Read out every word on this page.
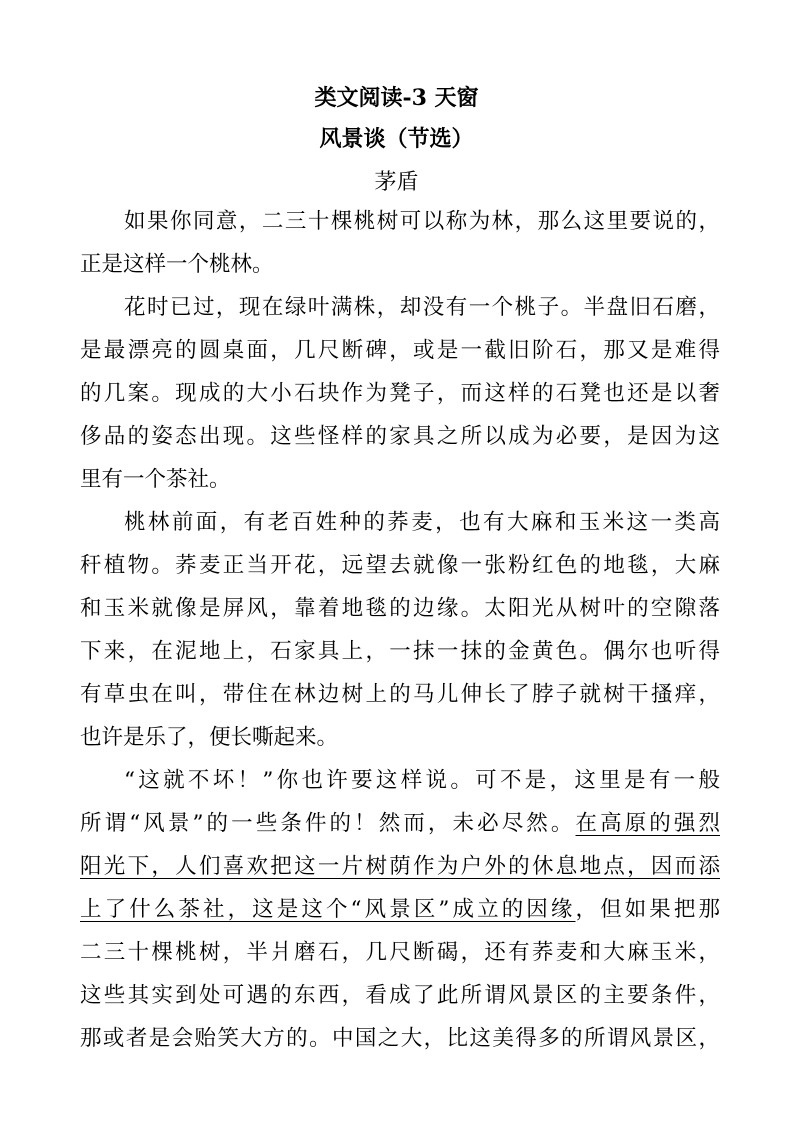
类文阅读-3 天窗
风景谈（节选）
茅盾
如果你同意，二三十棵桃树可以称为林，那么这里要说的，
正是这样一个桃林。
花时已过，现在绿叶满株，却没有一个桃子。半盘旧石磨，
是最漂亮的圆桌面，几尺断碑，或是一截旧阶石，那又是难得
的几案。现成的大小石块作为凳子，而这样的石凳也还是以奢
侈品的姿态出现。这些怪样的家具之所以成为必要，是因为这
里有一个茶社。
桃林前面，有老百姓种的荞麦，也有大麻和玉米这一类高
秆植物。荞麦正当开花，远望去就像一张粉红色的地毯，大麻
和玉米就像是屏风，靠着地毯的边缘。太阳光从树叶的空隙落
下来，在泥地上，石家具上，一抹一抹的金黄色。偶尔也听得
有草虫在叫，带住在林边树上的马儿伸长了脖子就树干搔痒，
也许是乐了，便长嘶起来。
“这就不坏！”你也许要这样说。可不是，这里是有一般
所谓“风景”的一些条件的！然而，未必尽然。在高原的强烈
阳光下，人们喜欢把这一片树荫作为户外的休息地点，因而添
上了什么茶社，这是这个“风景区”成立的因缘，但如果把那
二三十棵桃树，半爿磨石，几尺断碣，还有荞麦和大麻玉米，
这些其实到处可遇的东西，看成了此所谓风景区的主要条件，
那或者是会贻笑大方的。中国之大，比这美得多的所谓风景区，
